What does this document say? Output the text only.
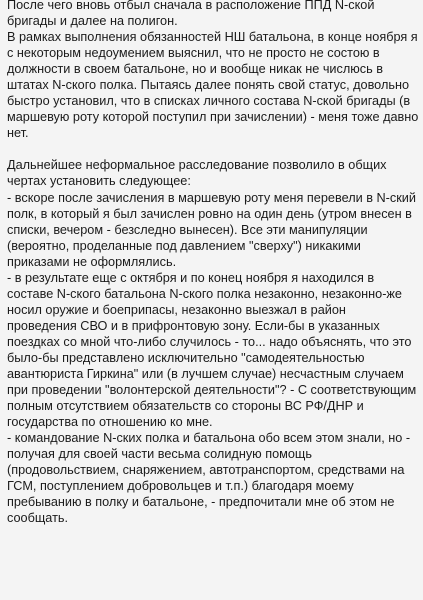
После чего вновь отбыл сначала в расположение ППД N-ской бригады и далее на полигон.
В рамках выполнения обязанностей НШ батальона, в конце ноября я с некоторым недоумением выяснил, что не просто не состою в должности в своем батальоне, но и вообще никак не числюсь в штатах N-ского полка. Пытаясь далее понять свой статус, довольно быстро установил, что в списках личного состава N-ской бригады (в маршевую роту которой поступил при зачислении) - меня тоже давно нет.

Дальнейшее неформальное расследование позволило в общих чертах установить следующее:
- вскоре после зачисления в маршевую роту меня перевели в N-ский полк, в который я был зачислен ровно на один день (утром внесен в списки, вечером - безследно вынесен). Все эти манипуляции (вероятно, проделанные под давлением "сверху") никакими приказами не оформлялись.
- в результате еще с октября и по конец ноября я находился в составе N-ского батальона N-ского полка незаконно, незаконно-же носил оружие и боеприпасы, незаконно выезжал в район проведения СВО и в прифронтовую зону. Если-бы в указанных поездках со мной что-либо случилось - то... надо объяснять, что это было-бы представлено исключительно "самодеятельностью авантюриста Гиркина" или (в лучшем случае) несчастным случаем при проведении "волонтерской деятельности"? - С соответствующим полным отсутствием обязательств со стороны ВС РФ/ДНР и государства по отношению ко мне.
- командование N-ских полка и батальона обо всем этом знали, но - получая для своей части весьма солидную помощь (продовольствием, снаряжением, автотранспортом, средствами на ГСМ, поступлением добровольцев и т.п.) благодаря моему пребыванию в полку и батальоне, - предпочитали мне об этом не сообщать.
